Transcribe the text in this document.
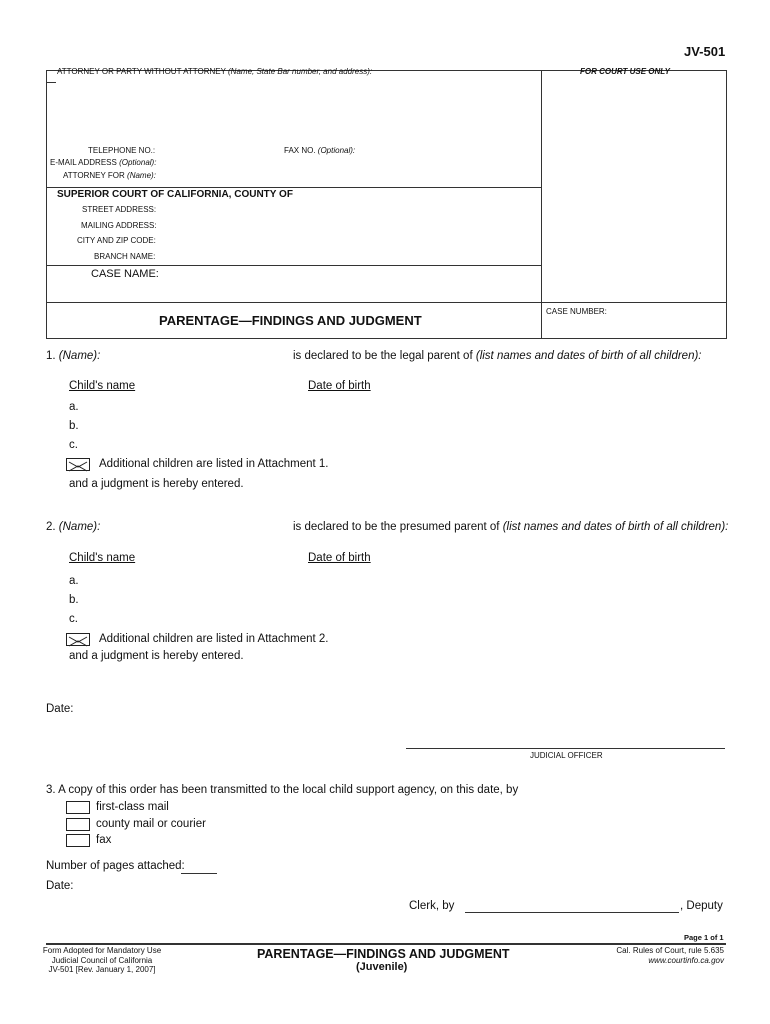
JV-501
ATTORNEY OR PARTY WITHOUT ATTORNEY (Name, State Bar number, and address):	FOR COURT USE ONLY
TELEPHONE NO.:	FAX NO. (Optional):
E-MAIL ADDRESS (Optional):
ATTORNEY FOR (Name):
SUPERIOR COURT OF CALIFORNIA, COUNTY OF
STREET ADDRESS:
MAILING ADDRESS:
CITY AND ZIP CODE:
BRANCH NAME:
CASE NAME:
CASE NUMBER:
PARENTAGE—FINDINGS AND JUDGMENT
1. (Name):	is declared to be the legal parent of (list names and dates of birth of all children):
Child's name	Date of birth
a.
b.
c.
Additional children are listed in Attachment 1.
and a judgment is hereby entered.
2. (Name):	is declared to be the presumed parent of (list names and dates of birth of all children):
Child's name	Date of birth
a.
b.
c.
Additional children are listed in Attachment 2.
and a judgment is hereby entered.
Date:
JUDICIAL OFFICER
3. A copy of this order has been transmitted to the local child support agency, on this date, by
first-class mail
county mail or courier
fax
Number of pages attached:
Date:
Clerk, by	, Deputy
Page 1 of 1
Form Adopted for Mandatory Use
Judicial Council of California
JV-501 [Rev. January 1, 2007]
PARENTAGE—FINDINGS AND JUDGMENT
(Juvenile)
Cal. Rules of Court, rule 5.635
www.courtinfo.ca.gov
